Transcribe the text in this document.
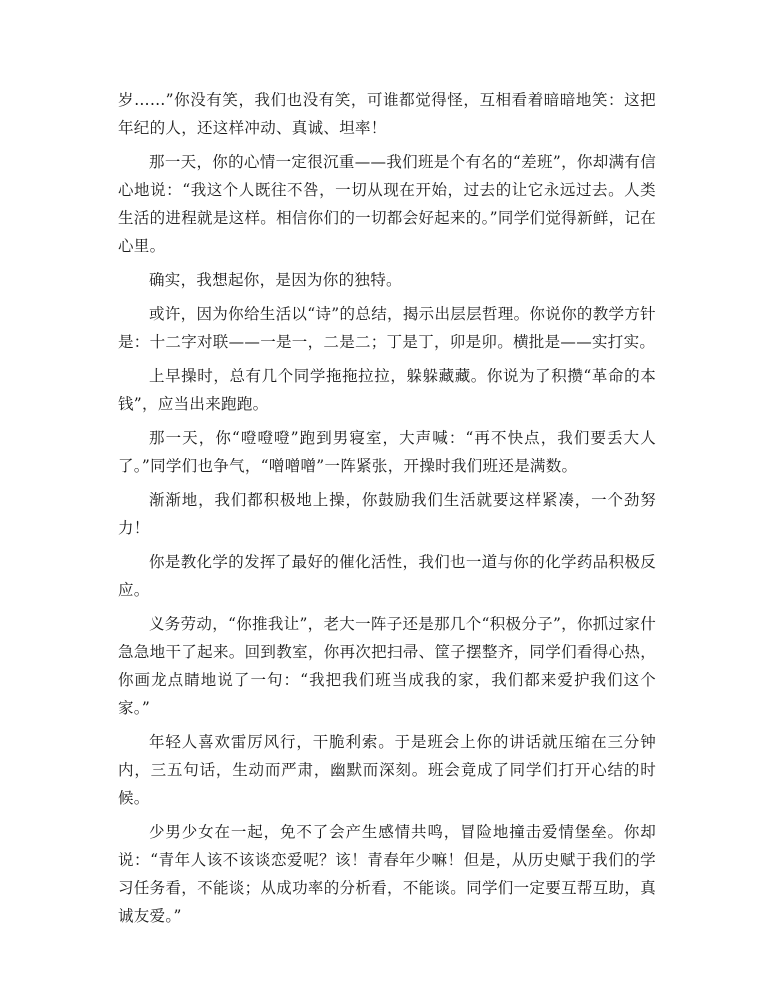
岁……”你没有笑，我们也没有笑，可谁都觉得怪，互相看着暗暗地笑：这把年纪的人，还这样冲动、真诚、坦率！

那一天，你的心情一定很沉重——我们班是个有名的“差班”，你却满有信心地说：“我这个人既往不咎，一切从现在开始，过去的让它永远过去。人类生活的进程就是这样。相信你们的一切都会好起来的。”同学们觉得新鲜，记在心里。

确实，我想起你，是因为你的独特。

或许，因为你给生活以“诗”的总结，揭示出层层哲理。你说你的教学方针是：十二字对联——一是一，二是二；丁是丁，卯是卯。横批是——实打实。

上早操时，总有几个同学拖拖拉拉，躲躲藏藏。你说为了积攒“革命的本钱”，应当出来跑跑。

那一天，你“噔噔噔”跑到男寝室，大声喊：“再不快点，我们要丢大人了。”同学们也争气，“噌噌噌”一阵紧张，开操时我们班还是满数。

渐渐地，我们都积极地上操，你鼓励我们生活就要这样紧凑，一个劲努力！

你是教化学的发挥了最好的催化活性，我们也一道与你的化学药品积极反应。

义务劳动，“你推我让”，老大一阵子还是那几个“积极分子”，你抓过家什急急地干了起来。回到教室，你再次把扫帚、筐子摆整齐，同学们看得心热，你画龙点睛地说了一句：“我把我们班当成我的家，我们都来爱护我们这个家。”

年轻人喜欢雷厉风行，干脆利索。于是班会上你的讲话就压缩在三分钟内，三五句话，生动而严肃，幽默而深刻。班会竟成了同学们打开心结的时候。

少男少女在一起，免不了会产生感情共鸣，冒险地撞击爱情堡垒。你却说：“青年人该不该谈恋爱呢？该！青春年少嘛！但是，从历史赋于我们的学习任务看，不能谈；从成功率的分析看，不能谈。同学们一定要互帮互助，真诚友爱。”
